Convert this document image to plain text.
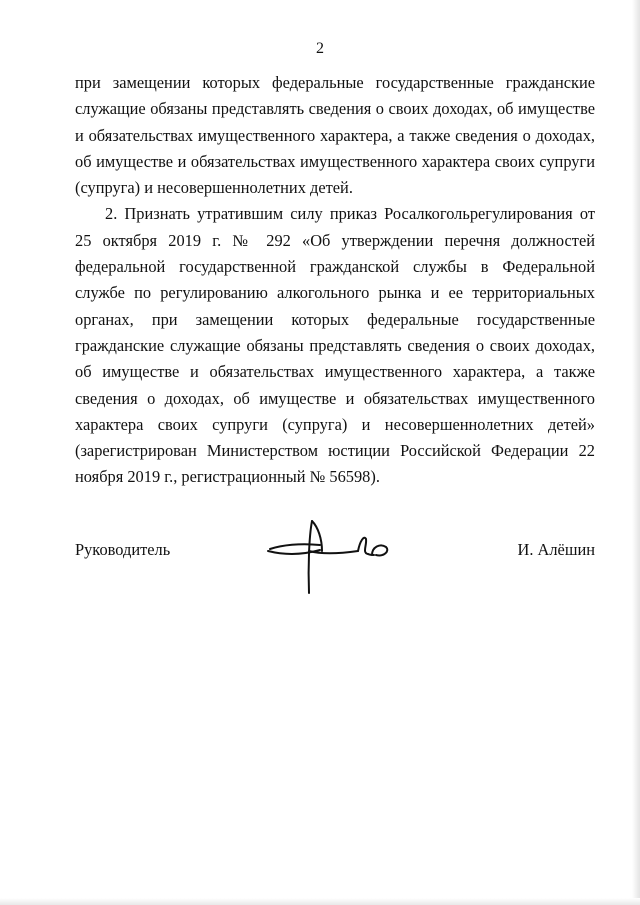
2

при замещении которых федеральные государственные гражданские служащие обязаны представлять сведения о своих доходах, об имуществе и обязательствах имущественного характера, а также сведения о доходах, об имуществе и обязательствах имущественного характера своих супруги (супруга) и несовершеннолетних детей.

2. Признать утратившим силу приказ Росалкогольрегулирования от 25 октября 2019 г. № 292 «Об утверждении перечня должностей федеральной государственной гражданской службы в Федеральной службе по регулированию алкогольного рынка и ее территориальных органах, при замещении которых федеральные государственные гражданские служащие обязаны представлять сведения о своих доходах, об имуществе и обязательствах имущественного характера, а также сведения о доходах, об имуществе и обязательствах имущественного характера своих супруги (супруга) и несовершеннолетних детей» (зарегистрирован Министерством юстиции Российской Федерации 22 ноября 2019 г., регистрационный № 56598).

Руководитель	И. Алёшин
